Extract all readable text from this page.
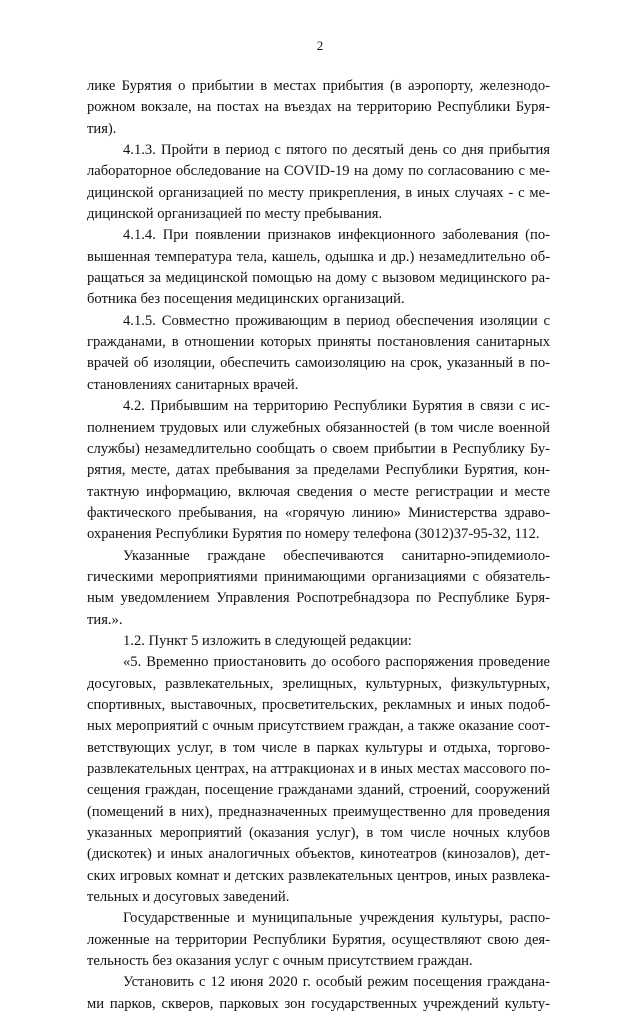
2
лике Бурятия о прибытии в местах прибытия (в аэропорту, железнодо-
рожном вокзале, на постах на въездах на территорию Республики Буря-
тия).
4.1.3. Пройти в период с пятого по десятый день со дня прибытия
лабораторное обследование на COVID-19 на дому по согласованию с ме-
дицинской организацией по месту прикрепления, в иных случаях - с ме-
дицинской организацией по месту пребывания.
4.1.4. При появлении признаков инфекционного заболевания (по-
вышенная температура тела, кашель, одышка и др.) незамедлительно об-
ращаться за медицинской помощью на дому с вызовом медицинского ра-
ботника без посещения медицинских организаций.
4.1.5. Совместно проживающим в период обеспечения изоляции с
гражданами, в отношении которых приняты постановления санитарных
врачей об изоляции, обеспечить самоизоляцию на срок, указанный в по-
становлениях санитарных врачей.
4.2. Прибывшим на территорию Республики Бурятия в связи с ис-
полнением трудовых или служебных обязанностей (в том числе военной
службы) незамедлительно сообщать о своем прибытии в Республику Бу-
рятия, месте, датах пребывания за пределами Республики Бурятия, кон-
тактную информацию, включая сведения о месте регистрации и месте
фактического пребывания, на «горячую линию» Министерства здраво-
охранения Республики Бурятия по номеру телефона (3012)37-95-32, 112.
Указанные граждане обеспечиваются санитарно-эпидемиоло-
гическими мероприятиями принимающими организациями с обязатель-
ным уведомлением Управления Роспотребнадзора по Республике Буря-
тия.».
1.2. Пункт 5 изложить в следующей редакции:
«5. Временно приостановить до особого распоряжения проведение
досуговых, развлекательных, зрелищных, культурных, физкультурных,
спортивных, выставочных, просветительских, рекламных и иных подоб-
ных мероприятий с очным присутствием граждан, а также оказание соот-
ветствующих услуг, в том числе в парках культуры и отдыха, торгово-
развлекательных центрах, на аттракционах и в иных местах массового по-
сещения граждан, посещение гражданами зданий, строений, сооружений
(помещений в них), предназначенных преимущественно для проведения
указанных мероприятий (оказания услуг), в том числе ночных клубов
(дискотек) и иных аналогичных объектов, кинотеатров (кинозалов), дет-
ских игровых комнат и детских развлекательных центров, иных развлека-
тельных и досуговых заведений.
Государственные и муниципальные учреждения культуры, распо-
ложенные на территории Республики Бурятия, осуществляют свою дея-
тельность без оказания услуг с очным присутствием граждан.
Установить с 12 июня 2020 г. особый режим посещения граждана-
ми парков, скверов, парковых зон государственных учреждений культу-
